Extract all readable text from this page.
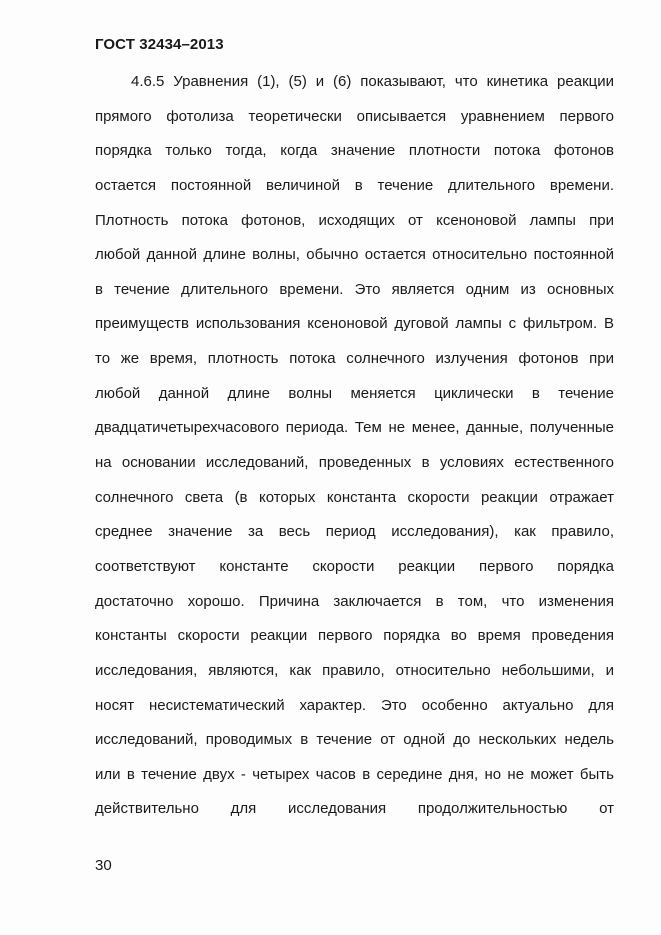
ГОСТ 32434–2013
4.6.5 Уравнения (1), (5) и (6) показывают, что кинетика реакции
прямого фотолиза теоретически описывается уравнением первого
порядка только тогда, когда значение плотности потока фотонов
остается постоянной величиной в течение длительного времени.
Плотность потока фотонов, исходящих от ксеноновой лампы при
любой данной длине волны, обычно остается относительно постоянной
в течение длительного времени. Это является одним из основных
преимуществ использования ксеноновой дуговой лампы с фильтром. В
то же время, плотность потока солнечного излучения фотонов при
любой данной длине волны меняется циклически в течение
двадцатичетырехчасового периода. Тем не менее, данные, полученные
на основании исследований, проведенных в условиях естественного
солнечного света (в которых константа скорости реакции отражает
среднее значение за весь период исследования), как правило,
соответствуют константе скорости реакции первого порядка
достаточно хорошо. Причина заключается в том, что изменения
константы скорости реакции первого порядка во время проведения
исследования, являются, как правило, относительно небольшими, и
носят несистематический характер. Это особенно актуально для
исследований, проводимых в течение от одной до нескольких недель
или в течение двух - четырех часов в середине дня, но не может быть
действительно для исследования продолжительностью от
30
